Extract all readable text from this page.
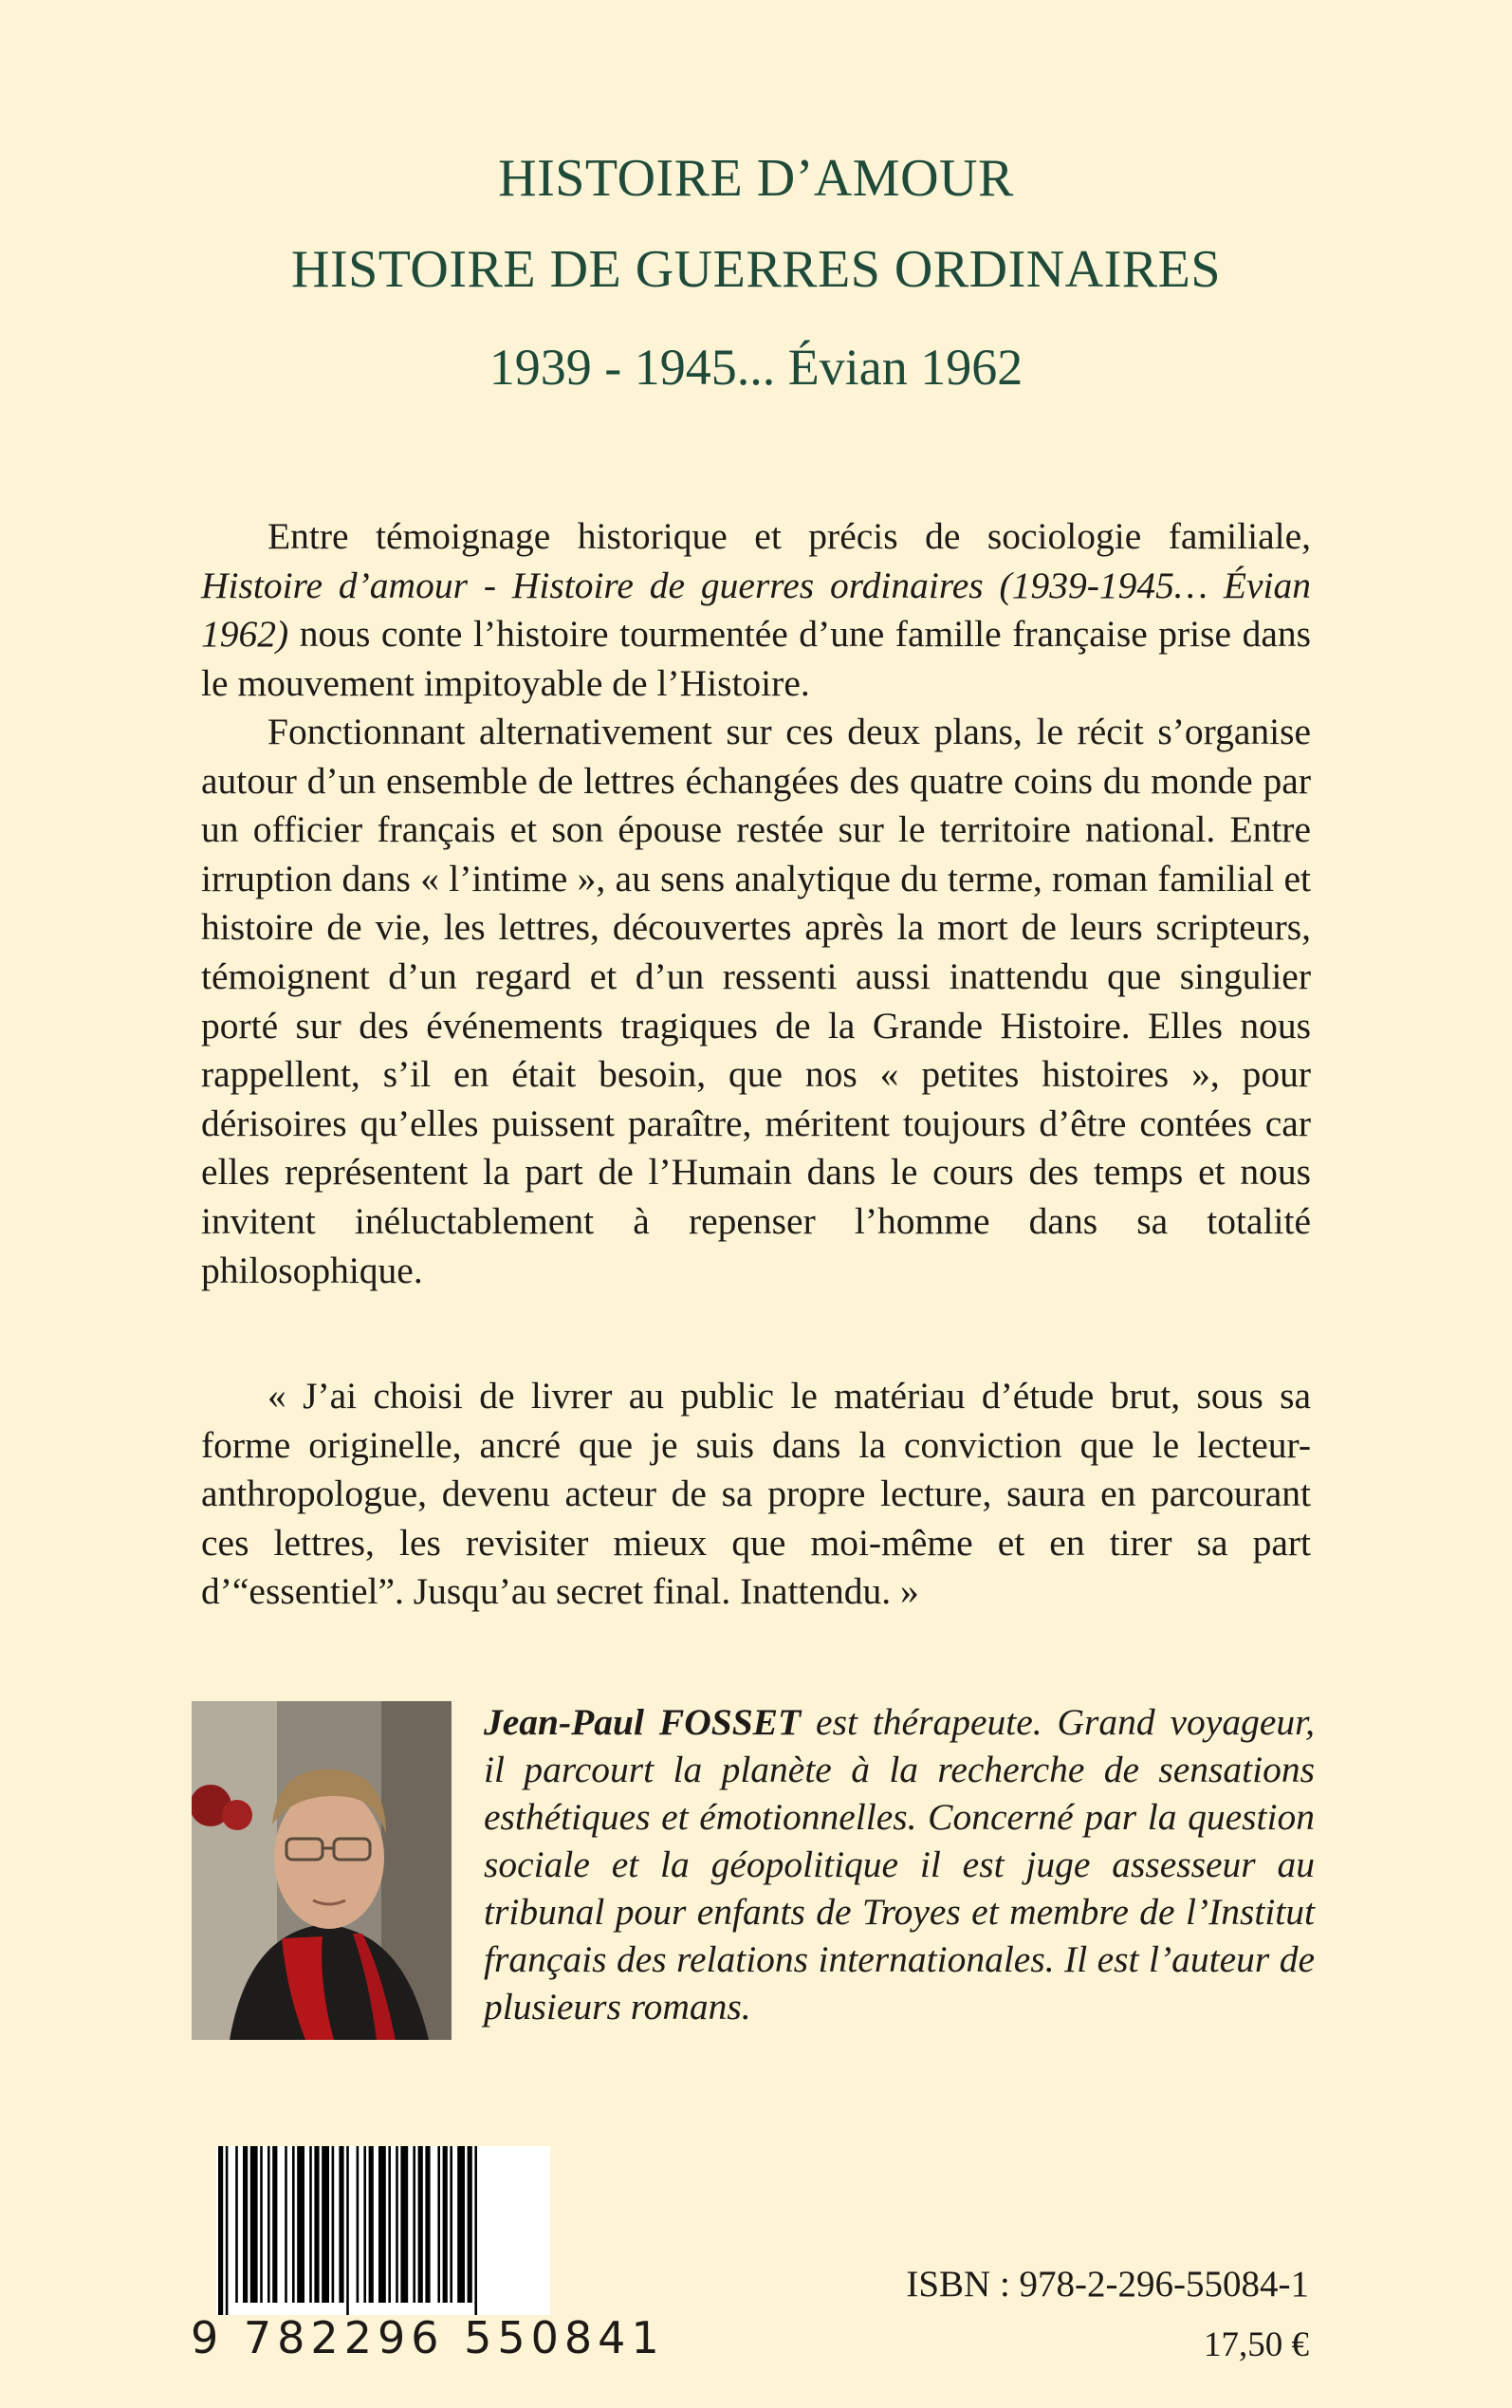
HISTOIRE D’AMOUR
HISTOIRE DE GUERRES ORDINAIRES
1939 - 1945... Évian 1962

Entre témoignage historique et précis de sociologie familiale, Histoire d’amour - Histoire de guerres ordinaires (1939-1945… Évian 1962) nous conte l’histoire tourmentée d’une famille française prise dans le mouvement impitoyable de l’Histoire.

Fonctionnant alternativement sur ces deux plans, le récit s’organise autour d’un ensemble de lettres échangées des quatre coins du monde par un officier français et son épouse restée sur le territoire national. Entre irruption dans « l’intime », au sens analytique du terme, roman familial et histoire de vie, les lettres, découvertes après la mort de leurs scripteurs, témoignent d’un regard et d’un ressenti aussi inattendu que singulier porté sur des événements tragiques de la Grande Histoire. Elles nous rappellent, s’il en était besoin, que nos « petites histoires », pour dérisoires qu’elles puissent paraître, méritent toujours d’être contées car elles représentent la part de l’Humain dans le cours des temps et nous invitent inéluctablement à repenser l’homme dans sa totalité philosophique.

« J’ai choisi de livrer au public le matériau d’étude brut, sous sa forme originelle, ancré que je suis dans la conviction que le lecteur-anthropologue, devenu acteur de sa propre lecture, saura en parcourant ces lettres, les revisiter mieux que moi-même et en tirer sa part d’“essentiel”. Jusqu’au secret final. Inattendu. »
Jean-Paul FOSSET est thérapeute. Grand voyageur, il parcourt la planète à la recherche de sensations esthétiques et émotionnelles. Concerné par la question sociale et la géopolitique il est juge assesseur au tribunal pour enfants de Troyes et membre de l’Institut français des relations internationales. Il est l’auteur de plusieurs romans.
9 782296 550841
ISBN : 978-2-296-55084-1
17,50 €
